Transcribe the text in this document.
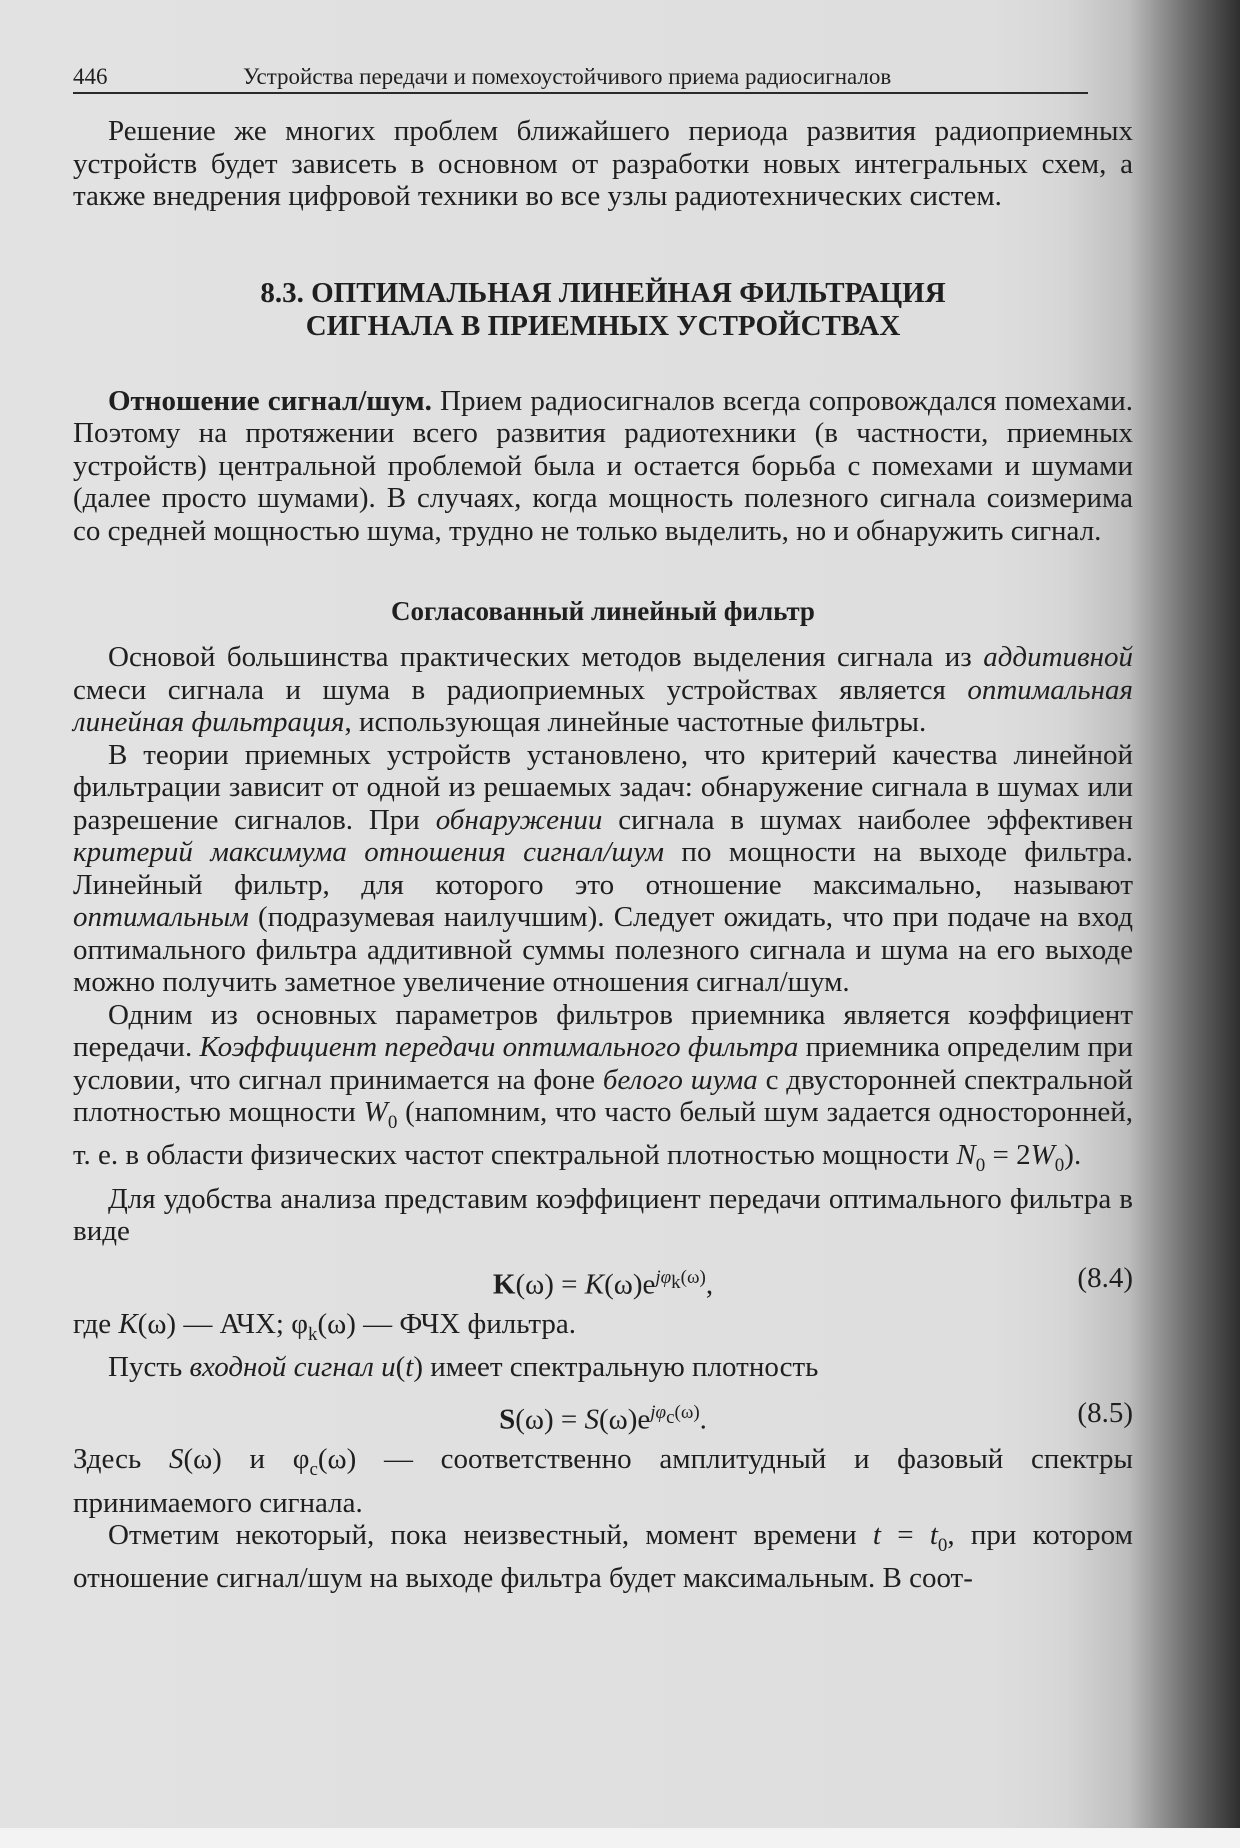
446	Устройства передачи и помехоустойчивого приема радиосигналов

Решение же многих проблем ближайшего периода развития радиоприемных устройств будет зависеть в основном от разработки новых интегральных схем, а также внедрения цифровой техники во все узлы радиотехнических систем.

8.3. ОПТИМАЛЬНАЯ ЛИНЕЙНАЯ ФИЛЬТРАЦИЯ
СИГНАЛА В ПРИЕМНЫХ УСТРОЙСТВАХ

Отношение сигнал/шум. Прием радиосигналов всегда сопровождался помехами. Поэтому на протяжении всего развития радиотехники (в частности, приемных устройств) центральной проблемой была и остается борьба с помехами и шумами (далее просто шумами). В случаях, когда мощность полезного сигнала соизмерима со средней мощностью шума, трудно не только выделить, но и обнаружить сигнал.

Согласованный линейный фильтр

Основой большинства практических методов выделения сигнала из аддитивной смеси сигнала и шума в радиоприемных устройствах является оптимальная линейная фильтрация, использующая линейные частотные фильтры.

В теории приемных устройств установлено, что критерий качества линейной фильтрации зависит от одной из решаемых задач: обнаружение сигнала в шумах или разрешение сигналов. При обнаружении сигнала в шумах наиболее эффективен критерий максимума отношения сигнал/шум по мощности на выходе фильтра. Линейный фильтр, для которого это отношение максимально, называют оптимальным (подразумевая наилучшим). Следует ожидать, что при подаче на вход оптимального фильтра аддитивной суммы полезного сигнала и шума на его выходе можно получить заметное увеличение отношения сигнал/шум.

Одним из основных параметров фильтров приемника является коэффициент передачи. Коэффициент передачи оптимального фильтра приемника определим при условии, что сигнал принимается на фоне белого шума с двусторонней спектральной плотностью мощности $W_0$ (напомним, что часто белый шум задается односторонней, т. е. в области физических частот спектральной плотностью мощности $N_0 = 2W_0$).

Для удобства анализа представим коэффициент передачи оптимального фильтра в виде

$K(\omega) = K(\omega)e^{j\varphi_k(\omega)}$,	(8.4)

где K(ω) — АЧХ; $\varphi_k(\omega)$ — ФЧХ фильтра.

Пусть входной сигнал u(t) имеет спектральную плотность

$S(\omega) = S(\omega)e^{j\varphi_c(\omega)}$.	(8.5)

Здесь S(ω) и $\varphi_c(\omega)$ — соответственно амплитудный и фазовый спектры принимаемого сигнала.

Отметим некоторый, пока неизвестный, момент времени $t = t_0$, при котором отношение сигнал/шум на выходе фильтра будет максимальным. В соот-
